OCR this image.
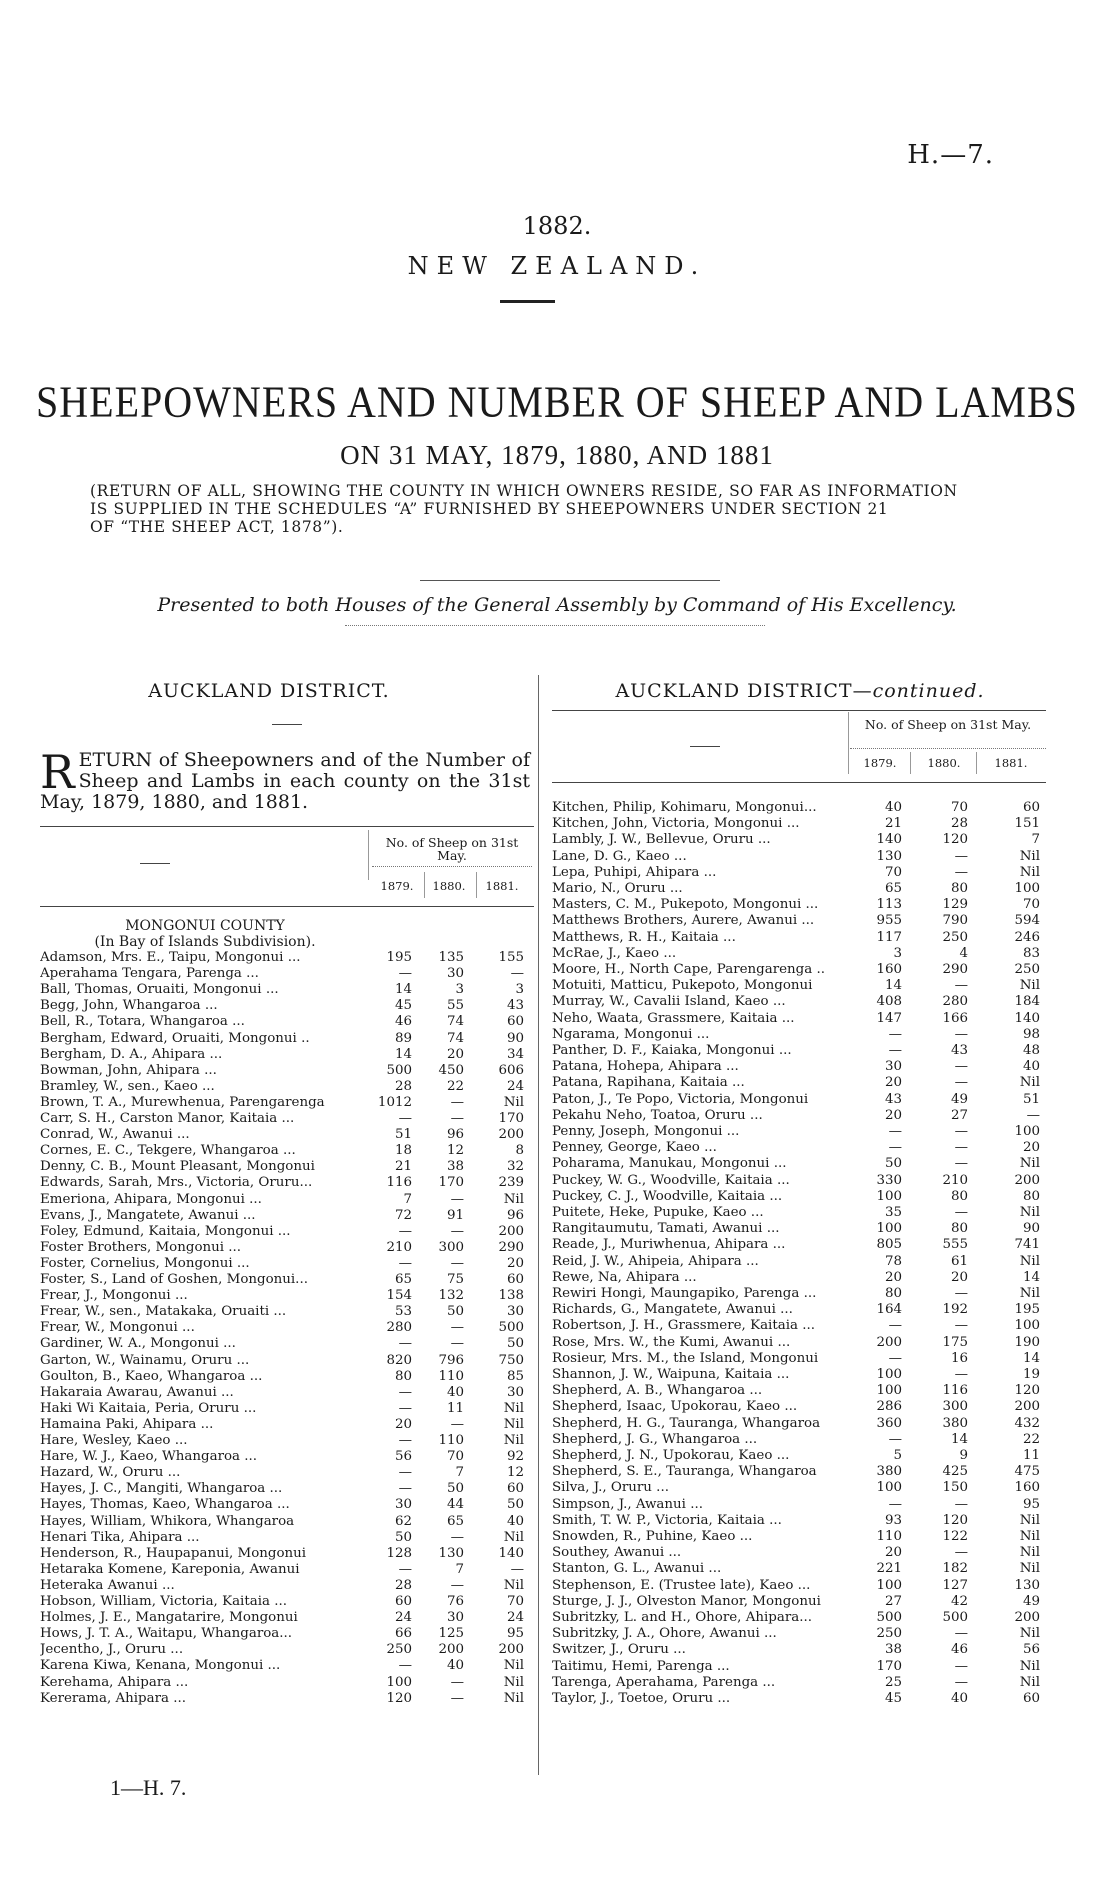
H.—7.
1882.
NEW ZEALAND.
SHEEPOWNERS AND NUMBER OF SHEEP AND LAMBS
ON 31 MAY, 1879, 1880, AND 1881
(RETURN OF ALL, SHOWING THE COUNTY IN WHICH OWNERS RESIDE, SO FAR AS INFORMATION
IS SUPPLIED IN THE SCHEDULES “A” FURNISHED BY SHEEPOWNERS UNDER SECTION 21
OF “THE SHEEP ACT, 1878”).
Presented to both Houses of the General Assembly by Command of His Excellency.
AUCKLAND DISTRICT.
RETURN of Sheepowners and of the Number of Sheep and Lambs in each county on the 31st May, 1879, 1880, and 1881.
No. of Sheep on 31st May.
1879.	1880.	1881.
MONGONUI COUNTY
(In Bay of Islands Subdivision).
Adamson, Mrs. E., Taipu, Mongonui ...	195	135	155
Aperahama Tengara, Parenga ...	—	30	—
Ball, Thomas, Oruaiti, Mongonui ...	14	3	3
Begg, John, Whangaroa ...	45	55	43
Bell, R., Totara, Whangaroa ...	46	74	60
Bergham, Edward, Oruaiti, Mongonui ..	89	74	90
Bergham, D. A., Ahipara ...	14	20	34
Bowman, John, Ahipara ...	500	450	606
Bramley, W., sen., Kaeo ...	28	22	24
Brown, T. A., Murewhenua, Parengarenga	1012	—	Nil
Carr, S. H., Carston Manor, Kaitaia ...	—	—	170
Conrad, W., Awanui ...	51	96	200
Cornes, E. C., Tekgere, Whangaroa ...	18	12	8
Denny, C. B., Mount Pleasant, Mongonui	21	38	32
Edwards, Sarah, Mrs., Victoria, Oruru...	116	170	239
Emeriona, Ahipara, Mongonui ...	7	—	Nil
Evans, J., Mangatete, Awanui ...	72	91	96
Foley, Edmund, Kaitaia, Mongonui ...	—	—	200
Foster Brothers, Mongonui ...	210	300	290
Foster, Cornelius, Mongonui ...	—	—	20
Foster, S., Land of Goshen, Mongonui...	65	75	60
Frear, J., Mongonui ...	154	132	138
Frear, W., sen., Matakaka, Oruaiti ...	53	50	30
Frear, W., Mongonui ...	280	—	500
Gardiner, W. A., Mongonui ...	—	—	50
Garton, W., Wainamu, Oruru ...	820	796	750
Goulton, B., Kaeo, Whangaroa ...	80	110	85
Hakaraia Awarau, Awanui ...	—	40	30
Haki Wi Kaitaia, Peria, Oruru ...	—	11	Nil
Hamaina Paki, Ahipara ...	20	—	Nil
Hare, Wesley, Kaeo ...	—	110	Nil
Hare, W. J., Kaeo, Whangaroa ...	56	70	92
Hazard, W., Oruru ...	—	7	12
Hayes, J. C., Mangiti, Whangaroa ...	—	50	60
Hayes, Thomas, Kaeo, Whangaroa ...	30	44	50
Hayes, William, Whikora, Whangaroa	62	65	40
Henari Tika, Ahipara ...	50	—	Nil
Henderson, R., Haupapanui, Mongonui	128	130	140
Hetaraka Komene, Kareponia, Awanui	—	7	—
Heteraka Awanui ...	28	—	Nil
Hobson, William, Victoria, Kaitaia ...	60	76	70
Holmes, J. E., Mangatarire, Mongonui	24	30	24
Hows, J. T. A., Waitapu, Whangaroa...	66	125	95
Jecentho, J., Oruru ...	250	200	200
Karena Kiwa, Kenana, Mongonui ...	—	40	Nil
Kerehama, Ahipara ...	100	—	Nil
Kererama, Ahipara ...	120	—	Nil
AUCKLAND DISTRICT—continued.
No. of Sheep on 31st May.
1879.	1880.	1881.
Kitchen, Philip, Kohimaru, Mongonui...	40	70	60
Kitchen, John, Victoria, Mongonui ...	21	28	151
Lambly, J. W., Bellevue, Oruru ...	140	120	7
Lane, D. G., Kaeo ...	130	—	Nil
Lepa, Puhipi, Ahipara ...	70	—	Nil
Mario, N., Oruru ...	65	80	100
Masters, C. M., Pukepoto, Mongonui ...	113	129	70
Matthews Brothers, Aurere, Awanui ...	955	790	594
Matthews, R. H., Kaitaia ...	117	250	246
McRae, J., Kaeo ...	3	4	83
Moore, H., North Cape, Parengarenga ..	160	290	250
Motuiti, Matticu, Pukepoto, Mongonui	14	—	Nil
Murray, W., Cavalii Island, Kaeo ...	408	280	184
Neho, Waata, Grassmere, Kaitaia ...	147	166	140
Ngarama, Mongonui ...	—	—	98
Panther, D. F., Kaiaka, Mongonui ...	—	43	48
Patana, Hohepa, Ahipara ...	30	—	40
Patana, Rapihana, Kaitaia ...	20	—	Nil
Paton, J., Te Popo, Victoria, Mongonui	43	49	51
Pekahu Neho, Toatoa, Oruru ...	20	27	—
Penny, Joseph, Mongonui ...	—	—	100
Penney, George, Kaeo ...	—	—	20
Poharama, Manukau, Mongonui ...	50	—	Nil
Puckey, W. G., Woodville, Kaitaia ...	330	210	200
Puckey, C. J., Woodville, Kaitaia ...	100	80	80
Puitete, Heke, Pupuke, Kaeo ...	35	—	Nil
Rangitaumutu, Tamati, Awanui ...	100	80	90
Reade, J., Muriwhenua, Ahipara ...	805	555	741
Reid, J. W., Ahipeia, Ahipara ...	78	61	Nil
Rewe, Na, Ahipara ...	20	20	14
Rewiri Hongi, Maungapiko, Parenga ...	80	—	Nil
Richards, G., Mangatete, Awanui ...	164	192	195
Robertson, J. H., Grassmere, Kaitaia ...	—	—	100
Rose, Mrs. W., the Kumi, Awanui ...	200	175	190
Rosieur, Mrs. M., the Island, Mongonui	—	16	14
Shannon, J. W., Waipuna, Kaitaia ...	100	—	19
Shepherd, A. B., Whangaroa ...	100	116	120
Shepherd, Isaac, Upokorau, Kaeo ...	286	300	200
Shepherd, H. G., Tauranga, Whangaroa	360	380	432
Shepherd, J. G., Whangaroa ...	—	14	22
Shepherd, J. N., Upokorau, Kaeo ...	5	9	11
Shepherd, S. E., Tauranga, Whangaroa	380	425	475
Silva, J., Oruru ...	100	150	160
Simpson, J., Awanui ...	—	—	95
Smith, T. W. P., Victoria, Kaitaia ...	93	120	Nil
Snowden, R., Puhine, Kaeo ...	110	122	Nil
Southey, Awanui ...	20	—	Nil
Stanton, G. L., Awanui ...	221	182	Nil
Stephenson, E. (Trustee late), Kaeo ...	100	127	130
Sturge, J. J., Olveston Manor, Mongonui	27	42	49
Subritzky, L. and H., Ohore, Ahipara...	500	500	200
Subritzky, J. A., Ohore, Awanui ...	250	—	Nil
Switzer, J., Oruru ...	38	46	56
Taitimu, Hemi, Parenga ...	170	—	Nil
Tarenga, Aperahama, Parenga ...	25	—	Nil
Taylor, J., Toetoe, Oruru ...	45	40	60
1—H. 7.
